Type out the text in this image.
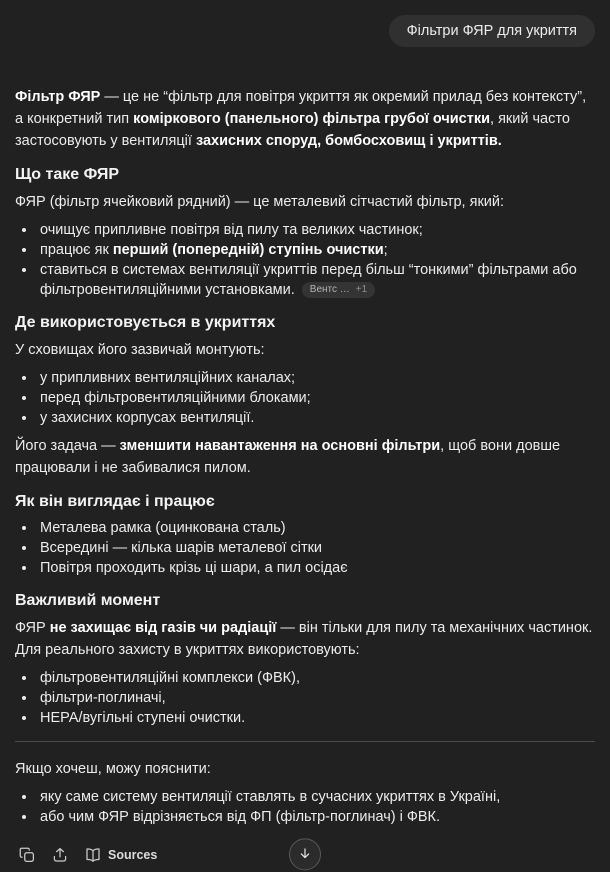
Фільтри ФЯР для укриття

Фільтр ФЯР — це не “фільтр для повітря укриття як окремий прилад без контексту”, а конкретний тип коміркового (панельного) фільтра грубої очистки, який часто застосовують у вентиляції захисних споруд, бомбосховищ і укриттів.

Що таке ФЯР

ФЯР (фільтр ячейковий рядний) — це металевий сітчастий фільтр, який:

• очищує припливне повітря від пилу та великих частинок;
• працює як перший (попередній) ступінь очистки;
• ставиться в системах вентиляції укриттів перед більш “тонкими” фільтрами або фільтровентиляційними установками. Вентс … +1
Де використовується в укриттях

У сховищах його зазвичай монтують:

• у припливних вентиляційних каналах;
• перед фільтровентиляційними блоками;
• у захисних корпусах вентиляції.

Його задача — зменшити навантаження на основні фільтри, щоб вони довше працювали і не забивалися пилом.

Як він виглядає і працює
• Металева рамка (оцинкована сталь)
• Всередині — кілька шарів металевої сітки
• Повітря проходить крізь ці шари, а пил осідає
Важливий момент

ФЯР не захищає від газів чи радіації — він тільки для пилу та механічних частинок.
Для реального захисту в укриттях використовують:

• фільтровентиляційні комплекси (ФВК),
• фільтри-поглиначі,
• HEPA/вугільні ступені очистки.

Якщо хочеш, можу пояснити:

• яку саме систему вентиляції ставлять в сучасних укриттях в Україні,
• або чим ФЯР відрізняється від ФП (фільтр-поглинач) і ФВК.
Sources
